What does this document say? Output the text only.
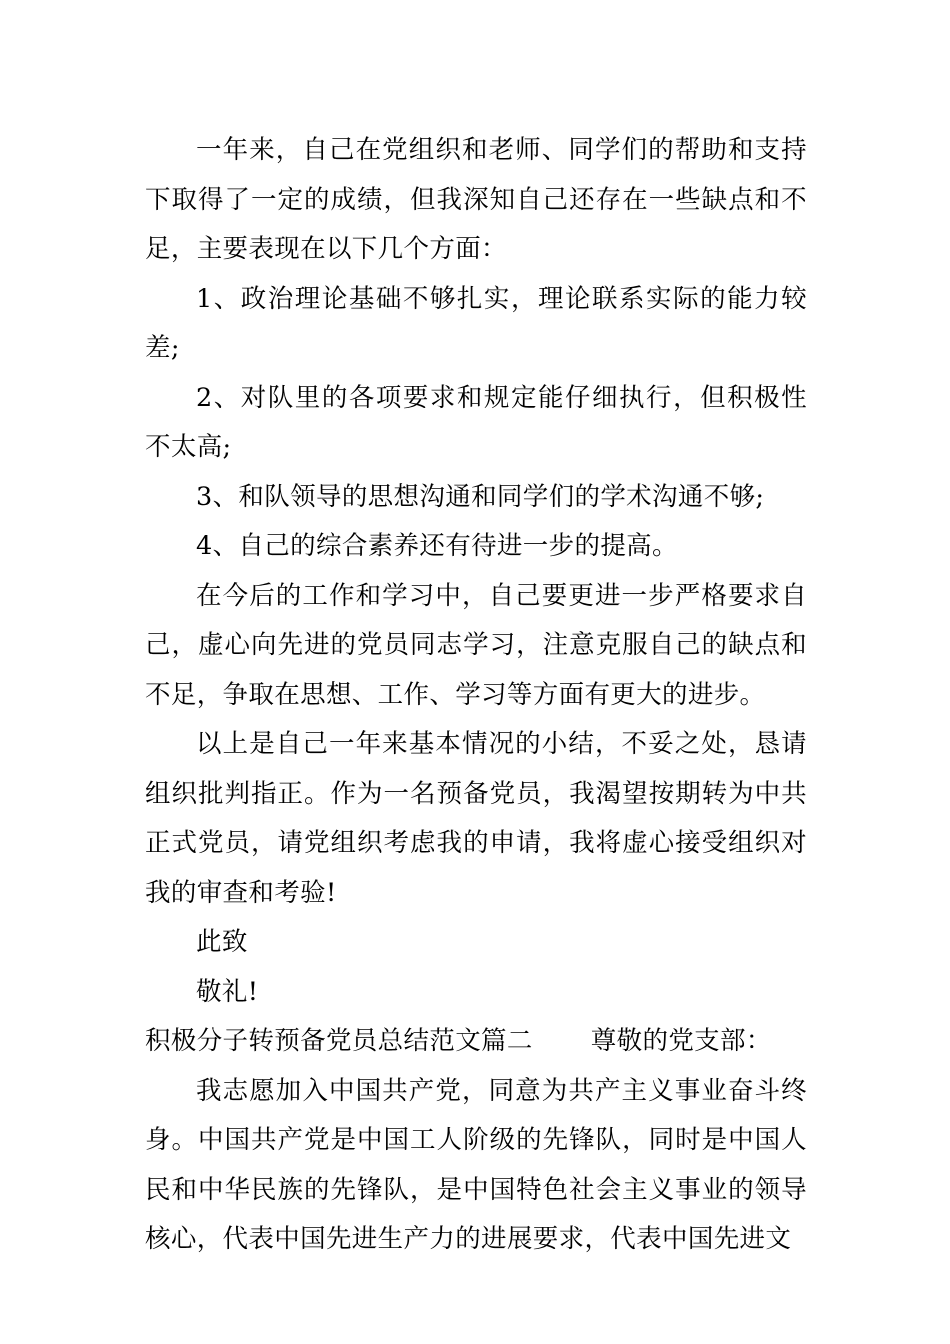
一年来，自己在党组织和老师、同学们的帮助和支持下取得了一定的成绩，但我深知自己还存在一些缺点和不足，主要表现在以下几个方面：

1、政治理论基础不够扎实，理论联系实际的能力较差;

2、对队里的各项要求和规定能仔细执行，但积极性不太高;

3、和队领导的思想沟通和同学们的学术沟通不够;

4、自己的综合素养还有待进一步的提高。

在今后的工作和学习中，自己要更进一步严格要求自己，虚心向先进的党员同志学习，注意克服自己的缺点和不足，争取在思想、工作、学习等方面有更大的进步。

以上是自己一年来基本情况的小结，不妥之处，恳请组织批判指正。作为一名预备党员，我渴望按期转为中共正式党员，请党组织考虑我的申请，我将虚心接受组织对我的审查和考验!

此致

敬礼!

积极分子转预备党员总结范文篇二 尊敬的党支部：

我志愿加入中国共产党，同意为共产主义事业奋斗终身。中国共产党是中国工人阶级的先锋队，同时是中国人民和中华民族的先锋队，是中国特色社会主义事业的领导核心，代表中国先进生产力的进展要求，代表中国先进文
